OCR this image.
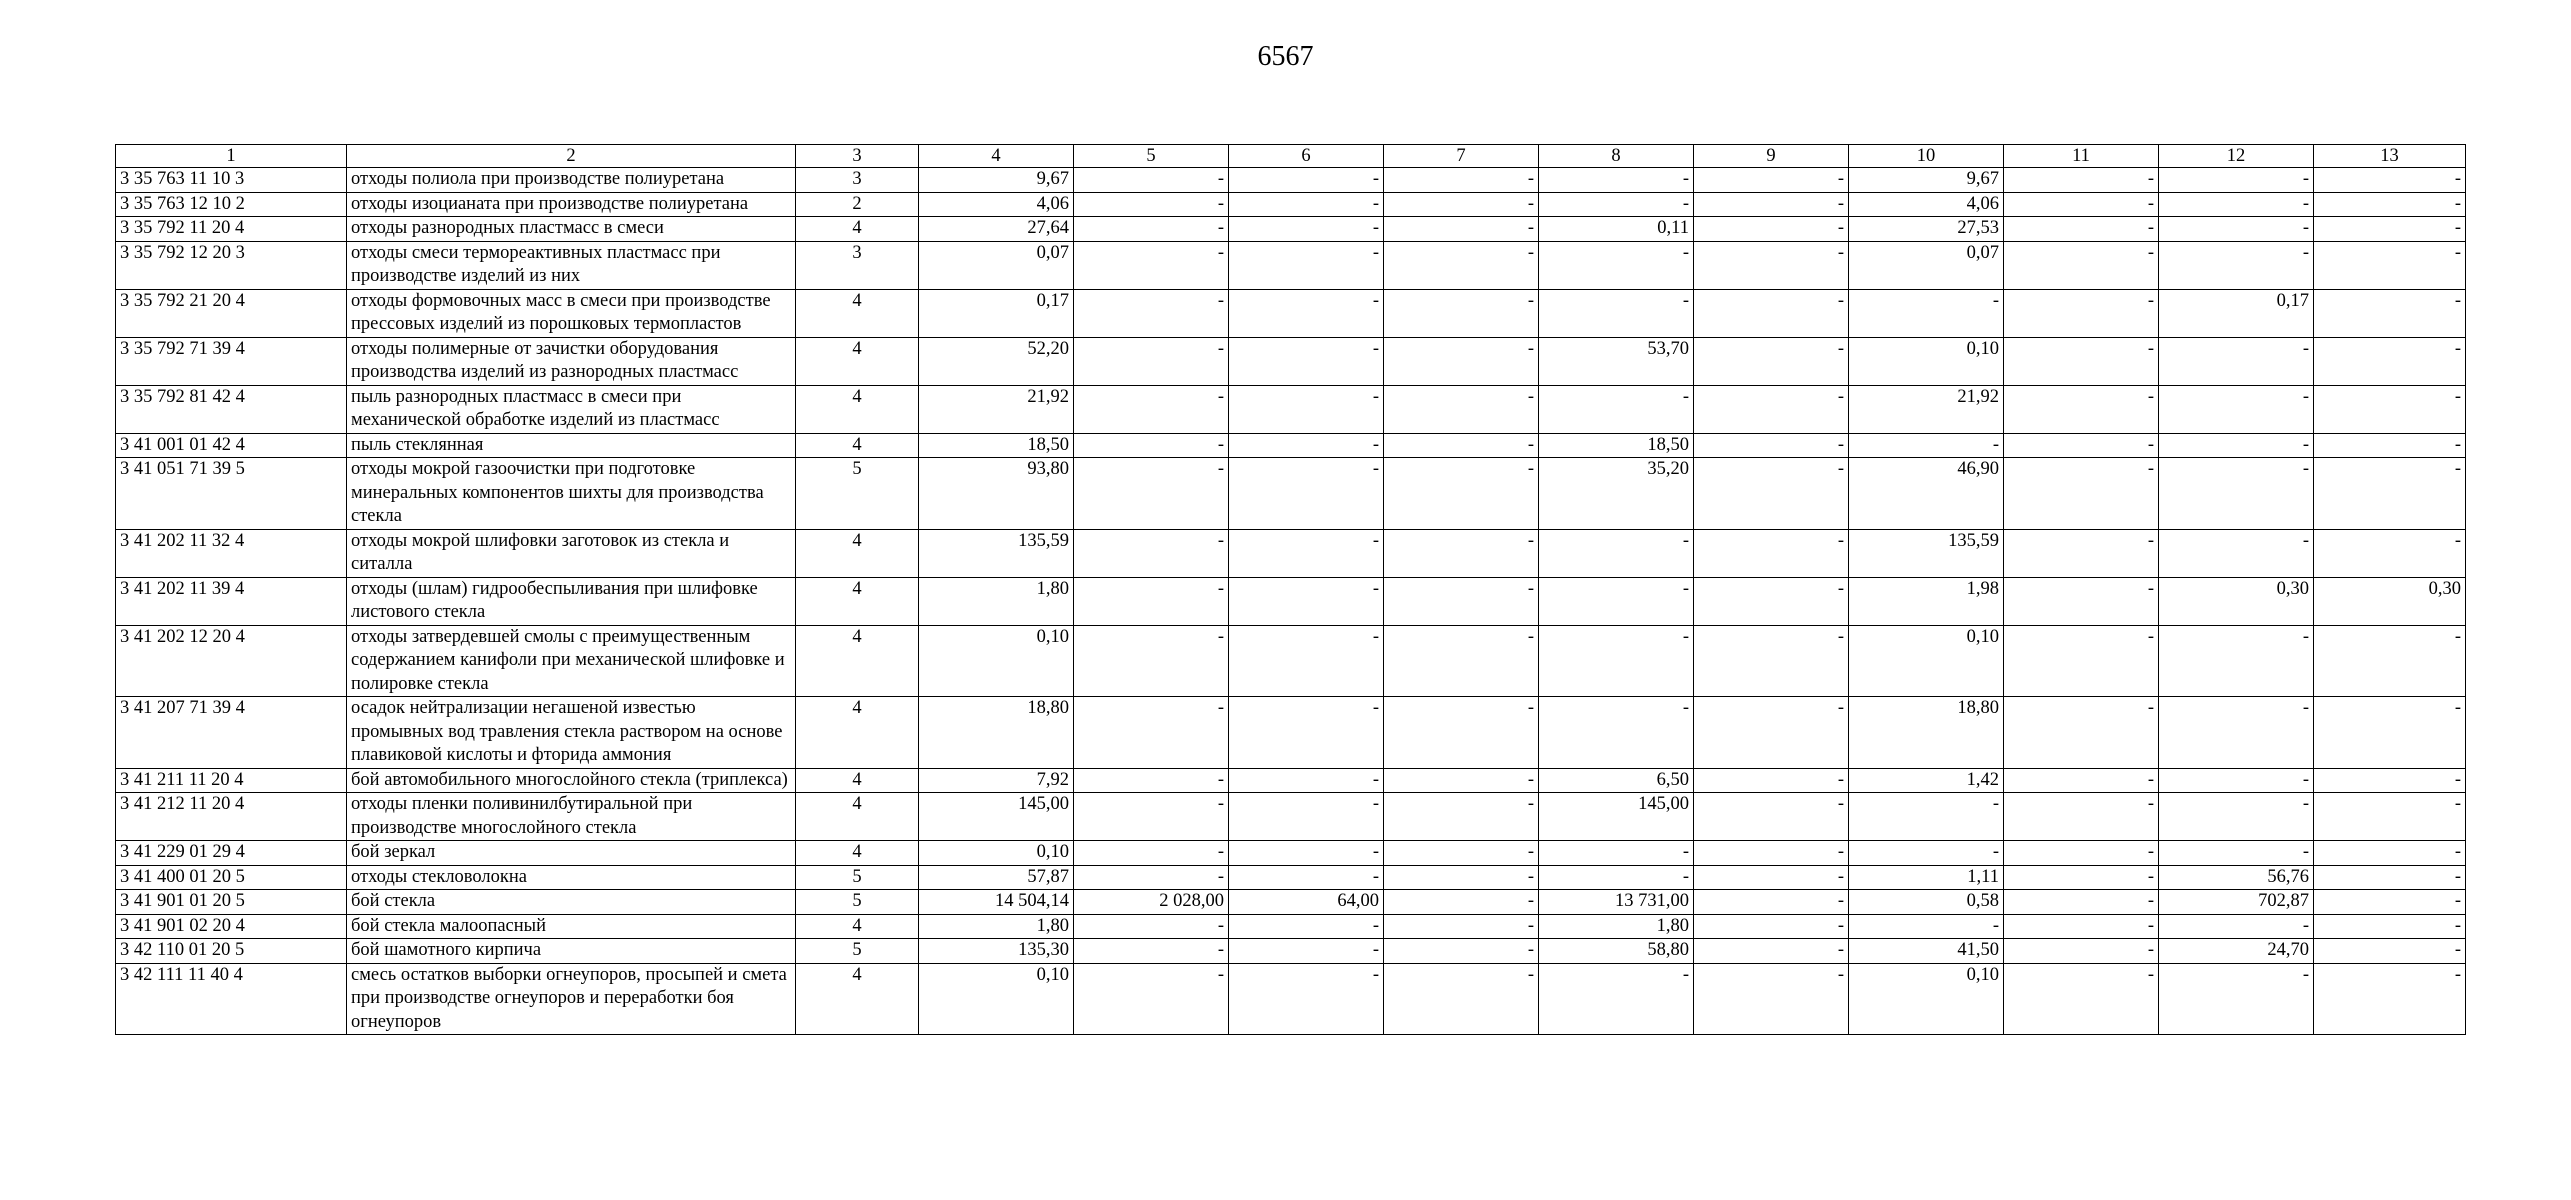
6567
1	2	3	4	5	6	7	8	9	10	11	12	13
3 35 763 11 10 3	отходы полиола при производстве полиуретана	3	9,67	-	-	-	-	-	9,67	-	-	-
3 35 763 12 10 2	отходы изоцианата при производстве полиуретана	2	4,06	-	-	-	-	-	4,06	-	-	-
3 35 792 11 20 4	отходы разнородных пластмасс в смеси	4	27,64	-	-	-	0,11	-	27,53	-	-	-
3 35 792 12 20 3	отходы смеси термореактивных пластмасс при производстве изделий из них	3	0,07	-	-	-	-	-	0,07	-	-	-
3 35 792 21 20 4	отходы формовочных масс в смеси при производстве прессовых изделий из порошковых термопластов	4	0,17	-	-	-	-	-	-	-	0,17	-
3 35 792 71 39 4	отходы полимерные от зачистки оборудования производства изделий из разнородных пластмасс	4	52,20	-	-	-	53,70	-	0,10	-	-	-
3 35 792 81 42 4	пыль разнородных пластмасс в смеси при механической обработке изделий из пластмасс	4	21,92	-	-	-	-	-	21,92	-	-	-
3 41 001 01 42 4	пыль стеклянная	4	18,50	-	-	-	18,50	-	-	-	-	-
3 41 051 71 39 5	отходы мокрой газоочистки при подготовке минеральных компонентов шихты для производства стекла	5	93,80	-	-	-	35,20	-	46,90	-	-	-
3 41 202 11 32 4	отходы мокрой шлифовки заготовок из стекла и ситалла	4	135,59	-	-	-	-	-	135,59	-	-	-
3 41 202 11 39 4	отходы (шлам) гидрообеспыливания при шлифовке листового стекла	4	1,80	-	-	-	-	-	1,98	-	0,30	0,30
3 41 202 12 20 4	отходы затвердевшей смолы с преимущественным содержанием канифоли при механической шлифовке и полировке стекла	4	0,10	-	-	-	-	-	0,10	-	-	-
3 41 207 71 39 4	осадок нейтрализации негашеной известью промывных вод травления стекла раствором на основе плавиковой кислоты и фторида аммония	4	18,80	-	-	-	-	-	18,80	-	-	-
3 41 211 11 20 4	бой автомобильного многослойного стекла (триплекса)	4	7,92	-	-	-	6,50	-	1,42	-	-	-
3 41 212 11 20 4	отходы пленки поливинилбутиральной при производстве многослойного стекла	4	145,00	-	-	-	145,00	-	-	-	-	-
3 41 229 01 29 4	бой зеркал	4	0,10	-	-	-	-	-	-	-	-	-
3 41 400 01 20 5	отходы стекловолокна	5	57,87	-	-	-	-	-	1,11	-	56,76	-
3 41 901 01 20 5	бой стекла	5	14 504,14	2 028,00	64,00	-	13 731,00	-	0,58	-	702,87	-
3 41 901 02 20 4	бой стекла малоопасный	4	1,80	-	-	-	1,80	-	-	-	-	-
3 42 110 01 20 5	бой шамотного кирпича	5	135,30	-	-	-	58,80	-	41,50	-	24,70	-
3 42 111 11 40 4	смесь остатков выборки огнеупоров, просыпей и смета при производстве огнеупоров и переработки боя огнеупоров	4	0,10	-	-	-	-	-	0,10	-	-	-
